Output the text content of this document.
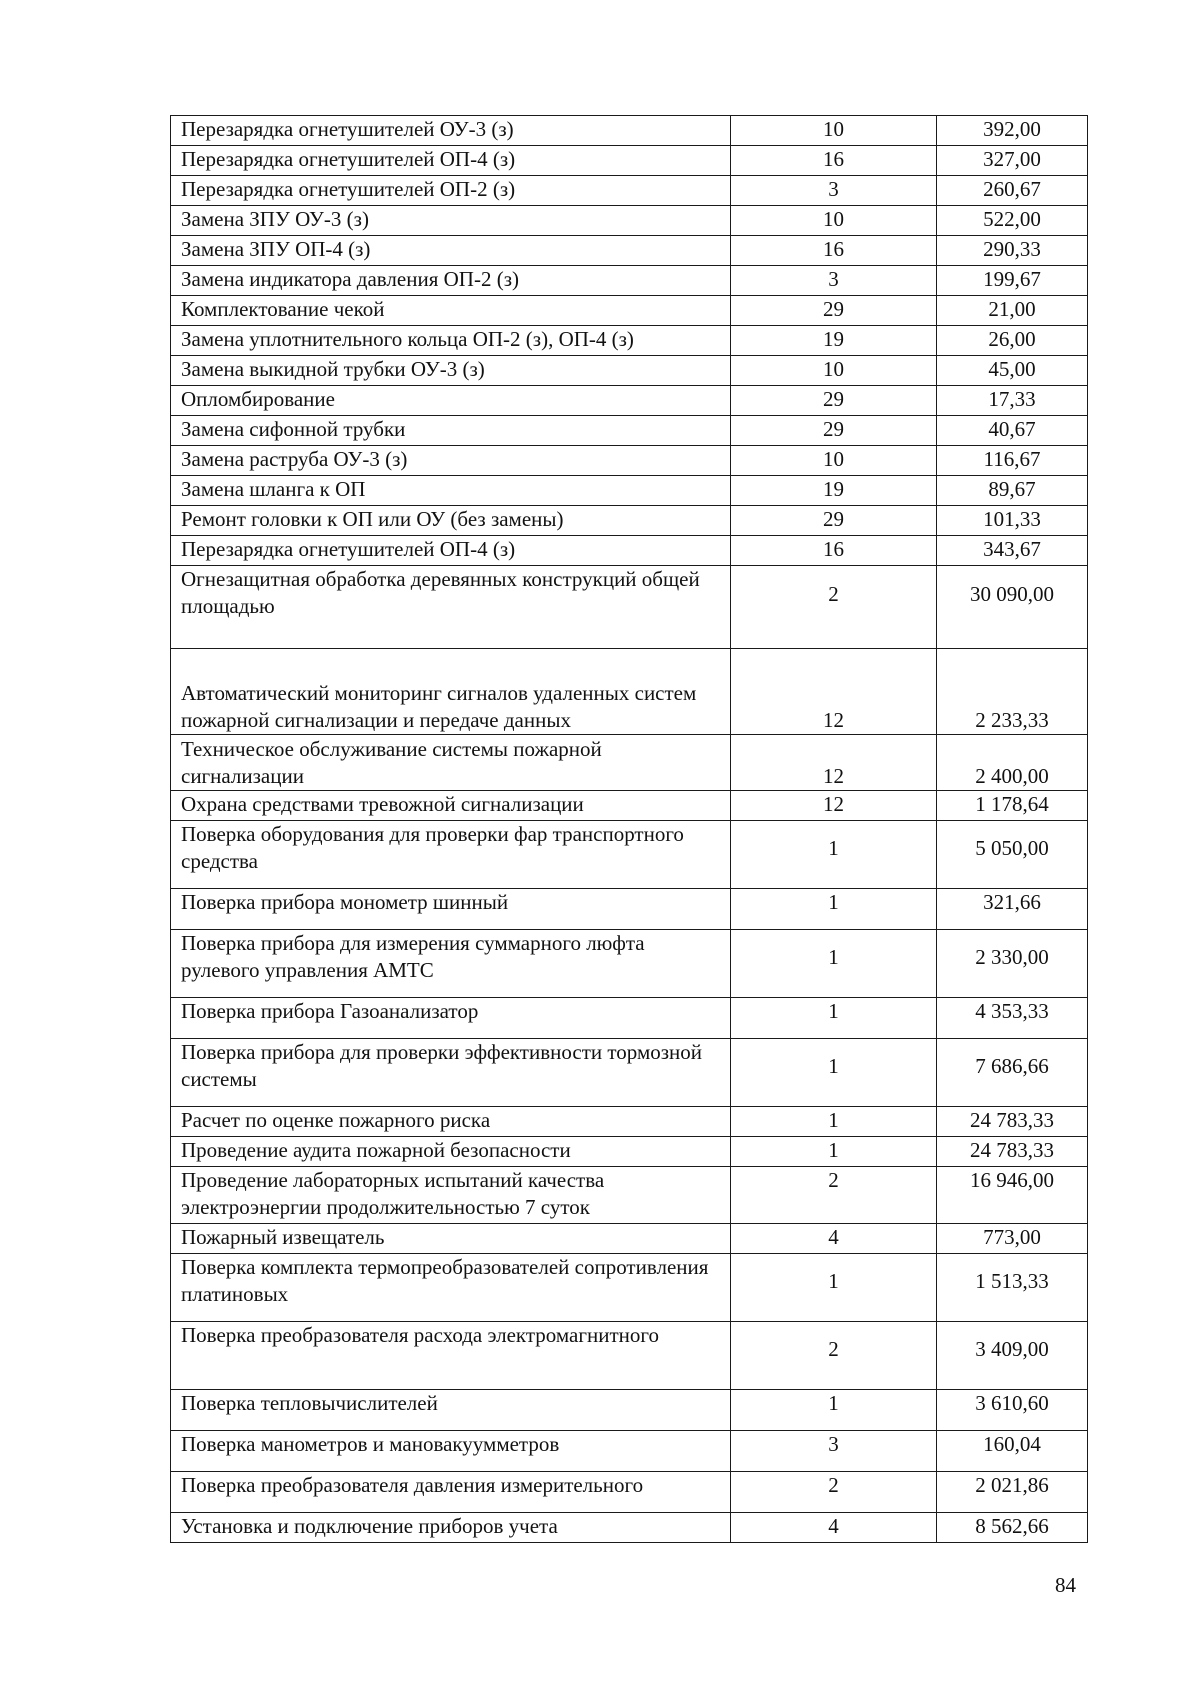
Перезарядка огнетушителей ОУ-3 (з)	10	392,00
Перезарядка огнетушителей ОП-4 (з)	16	327,00
Перезарядка огнетушителей ОП-2 (з)	3	260,67
Замена ЗПУ ОУ-3 (з)	10	522,00
Замена ЗПУ ОП-4 (з)	16	290,33
Замена индикатора давления ОП-2 (з)	3	199,67
Комплектование чекой	29	21,00
Замена уплотнительного кольца ОП-2 (з), ОП-4 (з)	19	26,00
Замена выкидной трубки ОУ-3 (з)	10	45,00
Опломбирование	29	17,33
Замена сифонной трубки	29	40,67
Замена раструба ОУ-3 (з)	10	116,67
Замена шланга к ОП	19	89,67
Ремонт головки к ОП или ОУ (без замены)	29	101,33
Перезарядка огнетушителей ОП-4 (з)	16	343,67
Огнезащитная обработка деревянных конструкций общей площадью	2	30 090,00
Автоматический мониторинг сигналов удаленных систем пожарной сигнализации и передаче данных	12	2 233,33
Техническое обслуживание системы пожарной сигнализации	12	2 400,00
Охрана средствами тревожной сигнализации	12	1 178,64
Поверка оборудования для проверки фар транспортного средства	1	5 050,00
Поверка прибора монометр шинный	1	321,66
Поверка прибора для измерения суммарного люфта рулевого управления АМТС	1	2 330,00
Поверка прибора Газоанализатор	1	4 353,33
Поверка прибора для проверки эффективности тормозной системы	1	7 686,66
Расчет по оценке пожарного риска	1	24 783,33
Проведение аудита пожарной безопасности	1	24 783,33
Проведение лабораторных испытаний качества электроэнергии продолжительностью 7 суток	2	16 946,00
Пожарный извещатель	4	773,00
Поверка комплекта термопреобразователей сопротивления платиновых	1	1 513,33
Поверка преобразователя расхода электромагнитного	2	3 409,00
Поверка тепловычислителей	1	3 610,60
Поверка манометров и мановакуумметров	3	160,04
Поверка преобразователя давления измерительного	2	2 021,86
Установка и подключение приборов учета	4	8 562,66
84
